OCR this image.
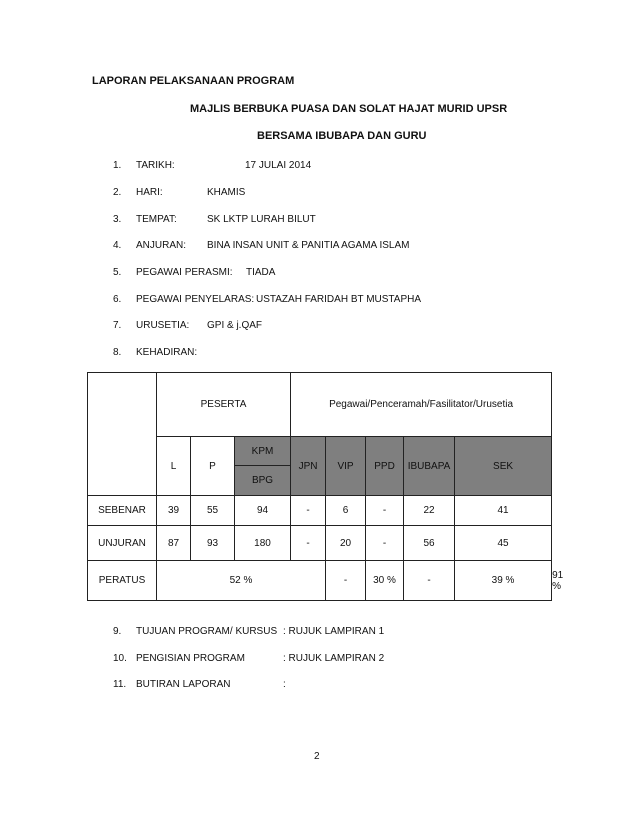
LAPORAN PELAKSANAAN PROGRAM
MAJLIS BERBUKA PUASA DAN SOLAT HAJAT MURID UPSR
BERSAMA IBUBAPA DAN GURU
1. TARIKH:	17 JULAI 2014
2. HARI:	KHAMIS
3. TEMPAT:	SK LKTP LURAH BILUT
4. ANJURAN: BINA INSAN UNIT & PANITIA AGAMA ISLAM
5. PEGAWAI PERASMI: TIADA
6. PEGAWAI PENYELARAS: USTAZAH FARIDAH BT MUSTAPHA
7. URUSETIA: GPI & j.QAF
8. KEHADIRAN:
	PESERTA			Pegawai/Penceramah/Fasilitator/Urusetia					
	L	P	KPM	JPN	VIP	PPD	IBUBAPA	SEK	
			BPG						
SEBENAR	39	55	94	-	6	-	22	41	
UNJURAN	87	93	180	-	20	-	56	45	
PERATUS	52 %				-	30 %	-	39 %	91 %
9. TUJUAN PROGRAM/ KURSUS : RUJUK LAMPIRAN 1
10. PENGISIAN PROGRAM	: RUJUK LAMPIRAN 2
11. BUTIRAN LAPORAN	:
2
